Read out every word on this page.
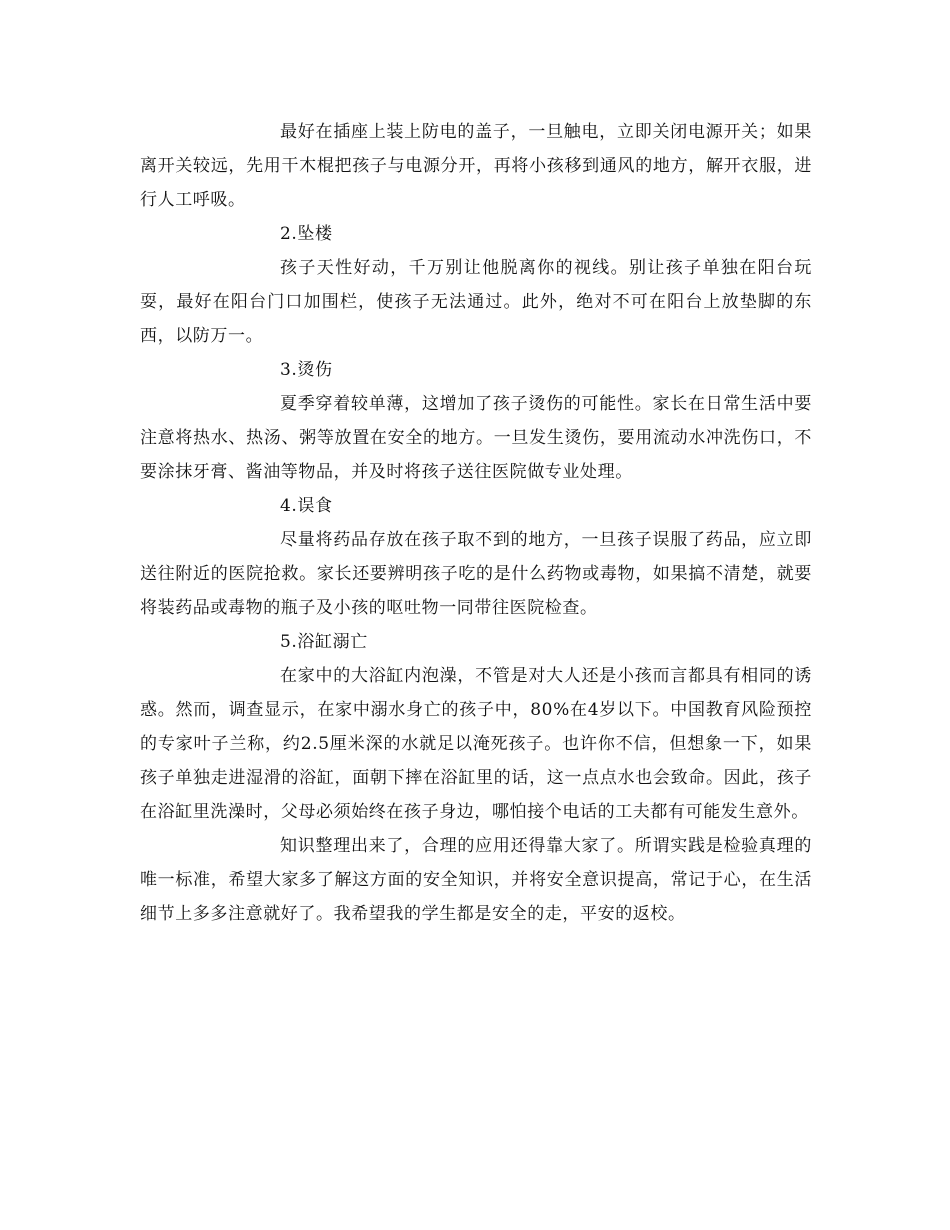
最好在插座上装上防电的盖子，一旦触电，立即关闭电源开关；如果离开关较远，先用干木棍把孩子与电源分开，再将小孩移到通风的地方，解开衣服，进行人工呼吸。

2.坠楼

孩子天性好动，千万别让他脱离你的视线。别让孩子单独在阳台玩耍，最好在阳台门口加围栏，使孩子无法通过。此外，绝对不可在阳台上放垫脚的东西，以防万一。

3.烫伤

夏季穿着较单薄，这增加了孩子烫伤的可能性。家长在日常生活中要注意将热水、热汤、粥等放置在安全的地方。一旦发生烫伤，要用流动水冲洗伤口，不要涂抹牙膏、酱油等物品，并及时将孩子送往医院做专业处理。

4.误食

尽量将药品存放在孩子取不到的地方，一旦孩子误服了药品，应立即送往附近的医院抢救。家长还要辨明孩子吃的是什么药物或毒物，如果搞不清楚，就要将装药品或毒物的瓶子及小孩的呕吐物一同带往医院检查。

5.浴缸溺亡

在家中的大浴缸内泡澡，不管是对大人还是小孩而言都具有相同的诱惑。然而，调查显示，在家中溺水身亡的孩子中，80%在4岁以下。中国教育风险预控的专家叶子兰称，约2.5厘米深的水就足以淹死孩子。也许你不信，但想象一下，如果孩子单独走进湿滑的浴缸，面朝下摔在浴缸里的话，这一点点水也会致命。因此，孩子在浴缸里洗澡时，父母必须始终在孩子身边，哪怕接个电话的工夫都有可能发生意外。

知识整理出来了，合理的应用还得靠大家了。所谓实践是检验真理的唯一标准，希望大家多了解这方面的安全知识，并将安全意识提高，常记于心，在生活细节上多多注意就好了。我希望我的学生都是安全的走，平安的返校。
